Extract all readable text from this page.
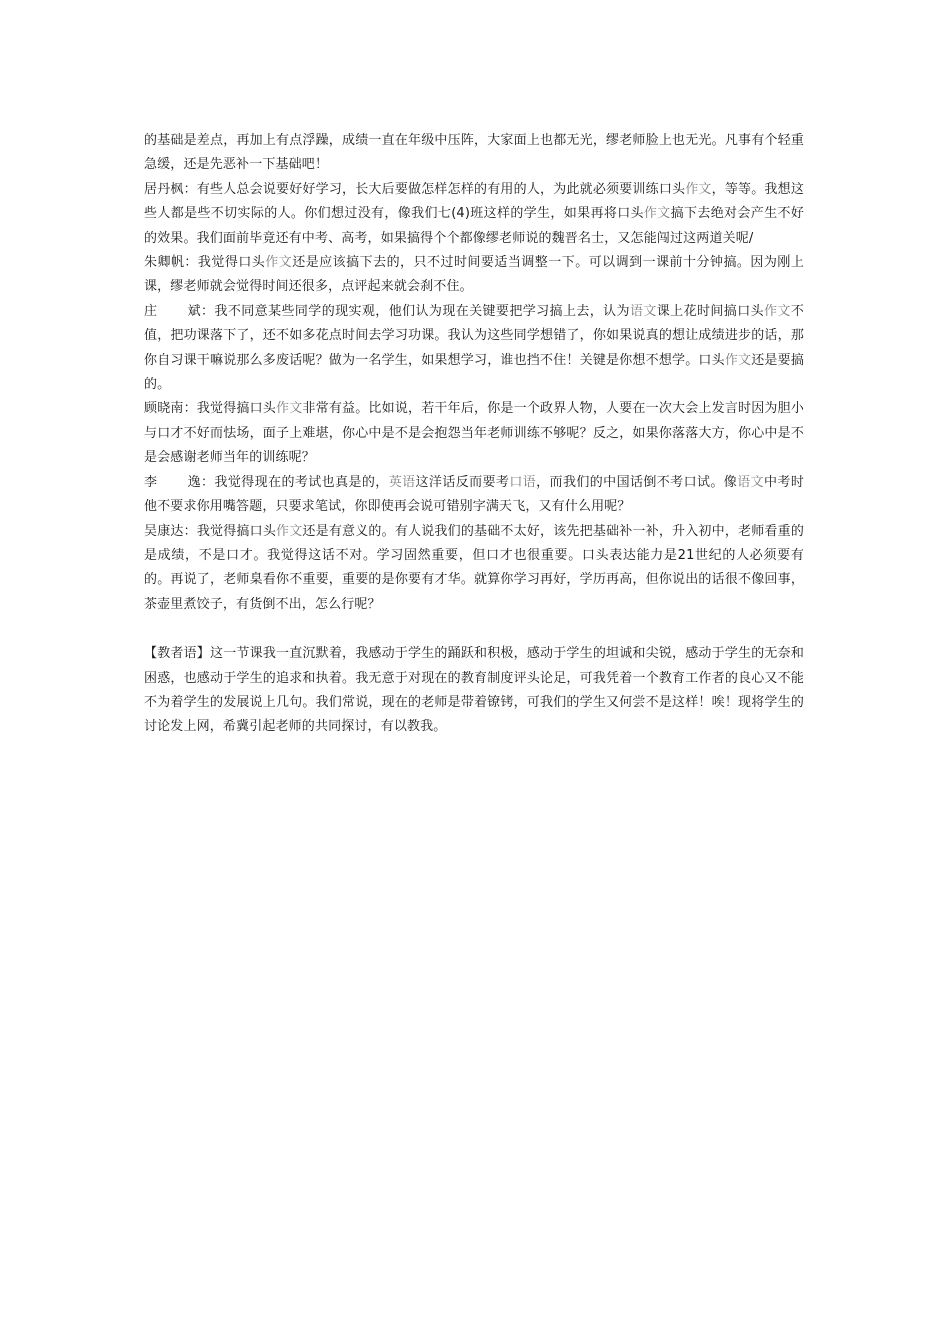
的基础是差点，再加上有点浮躁，成绩一直在年级中压阵，大家面上也都无光，缪老师脸上也无光。凡事有个轻重急缓，还是先恶补一下基础吧！

居丹枫：有些人总会说要好好学习，长大后要做怎样怎样的有用的人，为此就必须要训练口头作文，等等。我想这些人都是些不切实际的人。你们想过没有，像我们七(4)班这样的学生，如果再将口头作文搞下去绝对会产生不好的效果。我们面前毕竟还有中考、高考，如果搞得个个都像缪老师说的魏晋名士，又怎能闯过这两道关呢/

朱卿帆：我觉得口头作文还是应该搞下去的，只不过时间要适当调整一下。可以调到一课前十分钟搞。因为刚上课，缪老师就会觉得时间还很多，点评起来就会刹不住。

庄 斌：我不同意某些同学的现实观，他们认为现在关键要把学习搞上去，认为语文课上花时间搞口头作文不值，把功课落下了，还不如多花点时间去学习功课。我认为这些同学想错了，你如果说真的想让成绩进步的话，那你自习课干嘛说那么多废话呢？做为一名学生，如果想学习，谁也挡不住！关键是你想不想学。口头作文还是要搞的。

顾晓南：我觉得搞口头作文非常有益。比如说，若干年后，你是一个政界人物，人要在一次大会上发言时因为胆小与口才不好而怯场，面子上难堪，你心中是不是会抱怨当年老师训练不够呢？反之，如果你落落大方，你心中是不是会感谢老师当年的训练呢？

李 逸：我觉得现在的考试也真是的，英语这洋话反而要考口语，而我们的中国话倒不考口试。像语文中考时他不要求你用嘴答题，只要求笔试，你即使再会说可错别字满天飞，又有什么用呢？

吴康达：我觉得搞口头作文还是有意义的。有人说我们的基础不太好，该先把基础补一补，升入初中，老师看重的是成绩，不是口才。我觉得这话不对。学习固然重要，但口才也很重要。口头表达能力是21世纪的人必须要有的。再说了，老师臬看你不重要，重要的是你要有才华。就算你学习再好，学历再高，但你说出的话很不像回事，茶壶里煮饺子，有货倒不出，怎么行呢？

【教者语】这一节课我一直沉默着，我感动于学生的踊跃和积极，感动于学生的坦诚和尖锐，感动于学生的无奈和困惑，也感动于学生的追求和执着。我无意于对现在的教育制度评头论足，可我凭着一个教育工作者的良心又不能不为着学生的发展说上几句。我们常说，现在的老师是带着镣铐，可我们的学生又何尝不是这样！唉！现将学生的讨论发上网，希冀引起老师的共同探讨，有以教我。
